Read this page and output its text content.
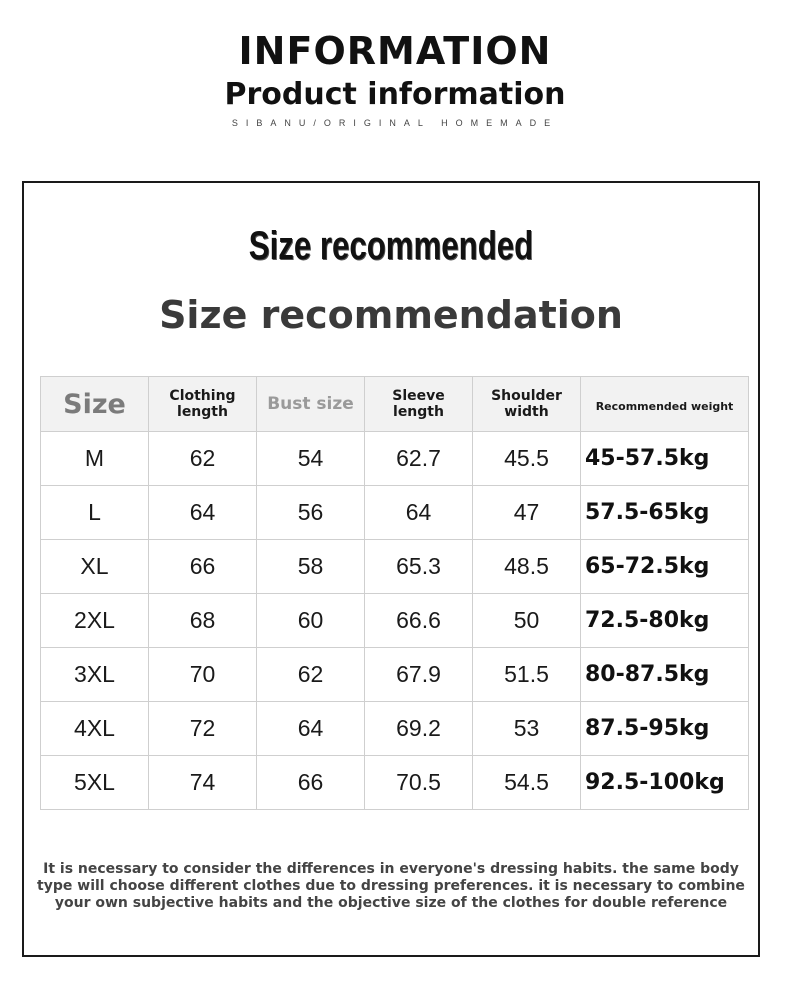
INFORMATION
Product information
SIBANU/ORIGINAL HOMEMADE
Size recommended
Size recommendation
Size	Clothing length	Bust size	Sleeve length	Shoulder width	Recommended weight
M	62	54	62.7	45.5	45-57.5kg
L	64	56	64	47	57.5-65kg
XL	66	58	65.3	48.5	65-72.5kg
2XL	68	60	66.6	50	72.5-80kg
3XL	70	62	67.9	51.5	80-87.5kg
4XL	72	64	69.2	53	87.5-95kg
5XL	74	66	70.5	54.5	92.5-100kg
It is necessary to consider the differences in everyone's dressing habits. the same body type will choose different clothes due to dressing preferences. it is necessary to combine your own subjective habits and the objective size of the clothes for double reference
